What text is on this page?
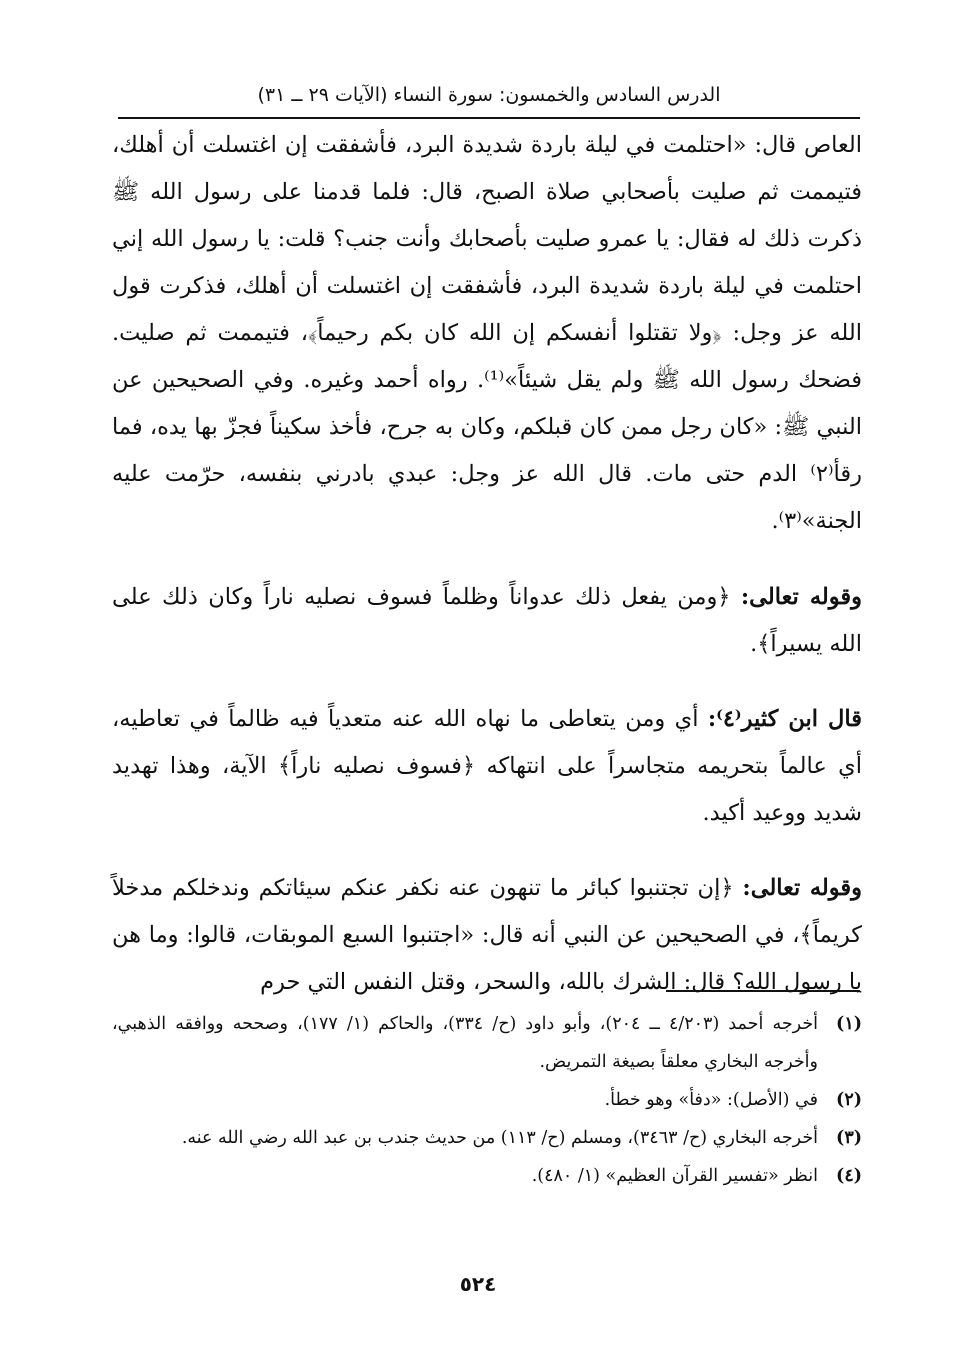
الدرس السادس والخمسون: سورة النساء (الآيات ٢٩ ــ ٣١)

العاص قال: «احتلمت في ليلة باردة شديدة البرد، فأشفقت إن اغتسلت أن أهلك، فتيممت ثم صليت بأصحابي صلاة الصبح، قال: فلما قدمنا على رسول الله ﷺ ذكرت ذلك له فقال: يا عمرو صليت بأصحابك وأنت جنب؟ قلت: يا رسول الله إني احتلمت في ليلة باردة شديدة البرد، فأشفقت إن اغتسلت أن أهلك، فذكرت قول الله عز وجل: ﴿ولا تقتلوا أنفسكم إن الله كان بكم رحيماً﴾، فتيممت ثم صليت. فضحك رسول الله ﷺ ولم يقل شيئاً»⁽¹⁾. رواه أحمد وغيره. وفي الصحيحين عن النبي ﷺ: «كان رجل ممن كان قبلكم، وكان به جرح، فأخذ سكيناً فجزّ بها يده، فما رقأ⁽٢⁾ الدم حتى مات. قال الله عز وجل: عبدي بادرني بنفسه، حرّمت عليه الجنة»⁽٣⁾.

وقوله تعالى: ﴿ومن يفعل ذلك عدواناً وظلماً فسوف نصليه ناراً وكان ذلك على الله يسيراً﴾.

قال ابن كثير⁽٤⁾: أي ومن يتعاطى ما نهاه الله عنه متعدياً فيه ظالماً في تعاطيه، أي عالماً بتحريمه متجاسراً على انتهاكه ﴿فسوف نصليه ناراً﴾ الآية، وهذا تهديد شديد ووعيد أكيد.

وقوله تعالى: ﴿إن تجتنبوا كبائر ما تنهون عنه نكفر عنكم سيئاتكم وندخلكم مدخلاً كريماً﴾، في الصحيحين عن النبي أنه قال: «اجتنبوا السبع الموبقات، قالوا: وما هن يا رسول الله؟ قال: الشرك بالله، والسحر، وقتل النفس التي حرم

(١)
أخرجه أحمد (٤/٢٠٣ ــ ٢٠٤)، وأبو داود (ح/ ٣٣٤)، والحاكم (١/ ١٧٧)، وصححه ووافقه الذهبي، وأخرجه البخاري معلقاً بصيغة التمريض.
(٢)
في (الأصل): «دفأ» وهو خطأ.
(٣)
أخرجه البخاري (ح/ ٣٤٦٣)، ومسلم (ح/ ١١٣) من حديث جندب بن عبد الله رضي الله عنه.
(٤)
انظر «تفسير القرآن العظيم» (١/ ٤٨٠).
٥٢٤
